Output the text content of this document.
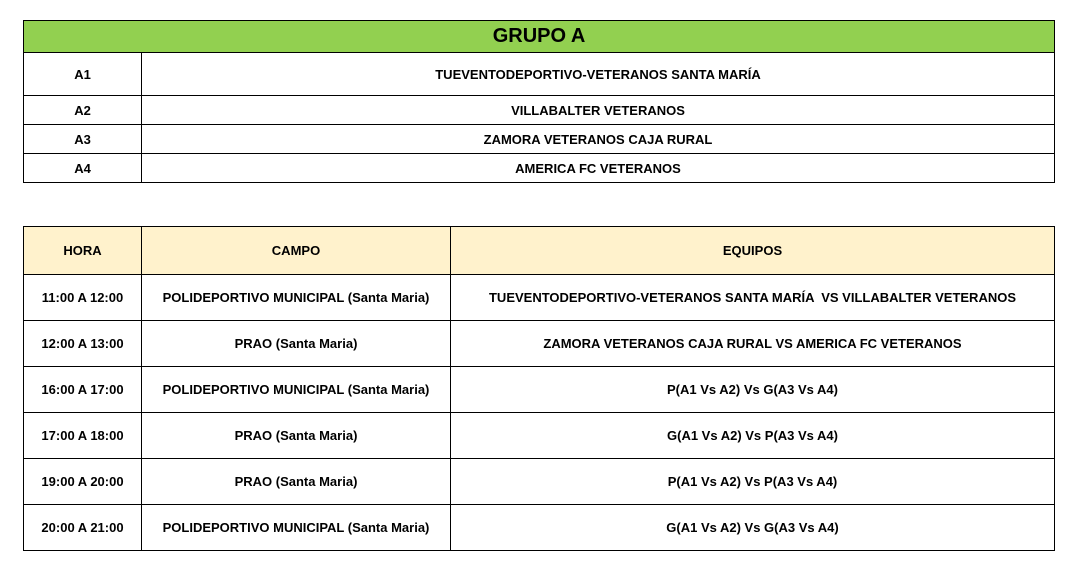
GRUPO A	
A1	TUEVENTODEPORTIVO-VETERANOS SANTA MARÍA
A2	VILLABALTER VETERANOS
A3	ZAMORA VETERANOS CAJA RURAL
A4	AMERICA FC VETERANOS
HORA	CAMPO	EQUIPOS
11:00 A 12:00	POLIDEPORTIVO MUNICIPAL (Santa Maria)	TUEVENTODEPORTIVO-VETERANOS SANTA MARÍA  VS VILLABALTER VETERANOS
12:00 A 13:00	PRAO (Santa Maria)	ZAMORA VETERANOS CAJA RURAL VS AMERICA FC VETERANOS
16:00 A 17:00	POLIDEPORTIVO MUNICIPAL (Santa Maria)	P(A1 Vs A2) Vs G(A3 Vs A4)
17:00 A 18:00	PRAO (Santa Maria)	G(A1 Vs A2) Vs P(A3 Vs A4)
19:00 A 20:00	PRAO (Santa Maria)	P(A1 Vs A2) Vs P(A3 Vs A4)
20:00 A 21:00	POLIDEPORTIVO MUNICIPAL (Santa Maria)	G(A1 Vs A2) Vs G(A3 Vs A4)
